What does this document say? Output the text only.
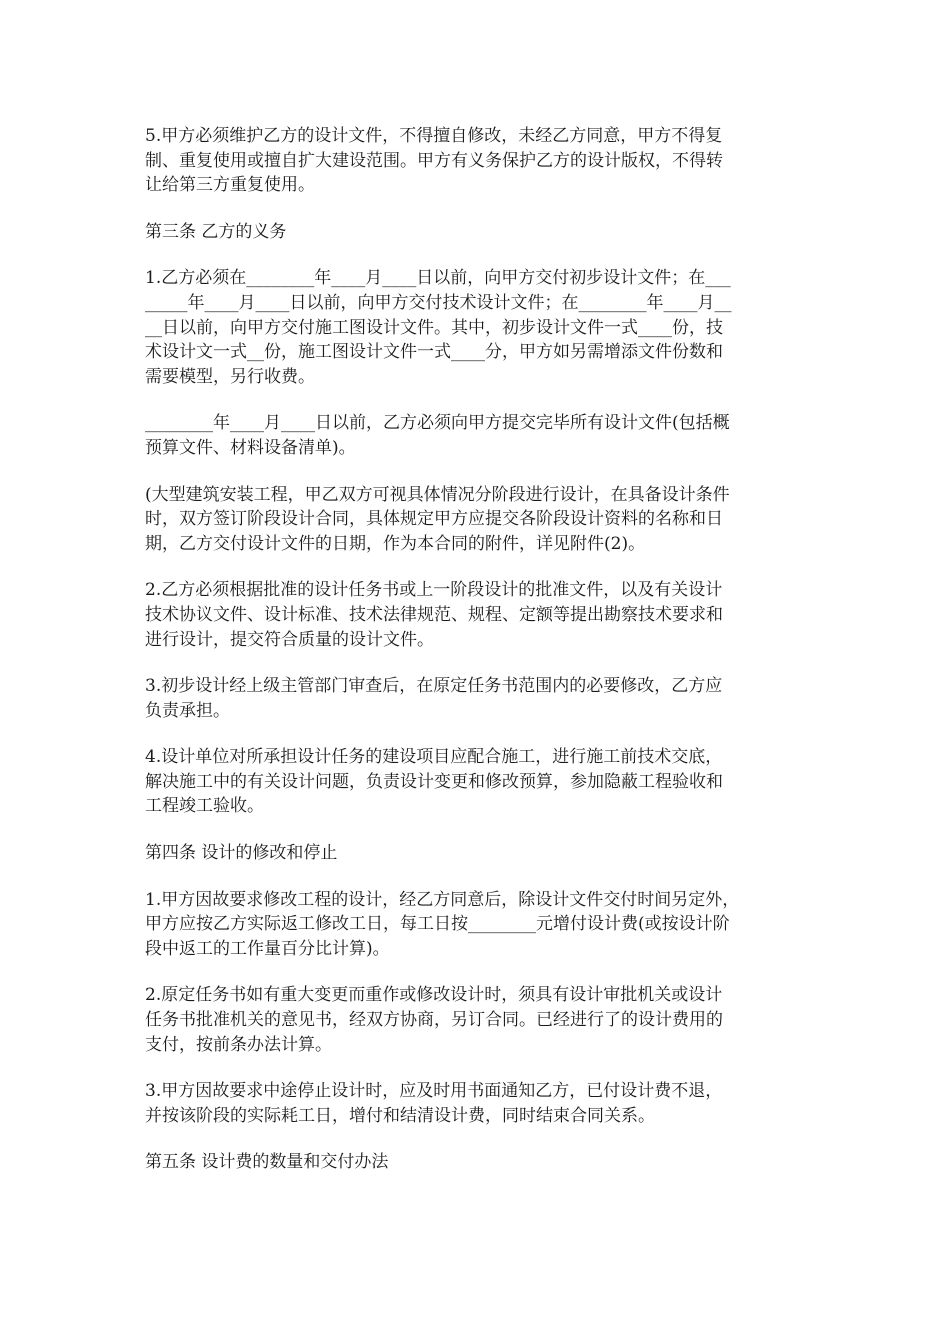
5.甲方必须维护乙方的设计文件，不得擅自修改，未经乙方同意，甲方不得复
制、重复使用或擅自扩大建设范围。甲方有义务保护乙方的设计版权，不得转
让给第三方重复使用。
第三条 乙方的义务
1.乙方必须在________年____月____日以前，向甲方交付初步设计文件；在___
_____年____月____日以前，向甲方交付技术设计文件；在________年____月__
__日以前，向甲方交付施工图设计文件。其中，初步设计文件一式____份，技
术设计文一式__份，施工图设计文件一式____分，甲方如另需增添文件份数和
需要模型，另行收费。
________年____月____日以前，乙方必须向甲方提交完毕所有设计文件(包括概
预算文件、材料设备清单)。
(大型建筑安装工程，甲乙双方可视具体情况分阶段进行设计，在具备设计条件
时，双方签订阶段设计合同，具体规定甲方应提交各阶段设计资料的名称和日
期，乙方交付设计文件的日期，作为本合同的附件，详见附件(2)。
2.乙方必须根据批准的设计任务书或上一阶段设计的批准文件，以及有关设计
技术协议文件、设计标准、技术法律规范、规程、定额等提出勘察技术要求和
进行设计，提交符合质量的设计文件。
3.初步设计经上级主管部门审查后，在原定任务书范围内的必要修改，乙方应
负责承担。
4.设计单位对所承担设计任务的建设项目应配合施工，进行施工前技术交底，
解决施工中的有关设计问题，负责设计变更和修改预算，参加隐蔽工程验收和
工程竣工验收。
第四条 设计的修改和停止
1.甲方因故要求修改工程的设计，经乙方同意后，除设计文件交付时间另定外，
甲方应按乙方实际返工修改工日，每工日按________元增付设计费(或按设计阶
段中返工的工作量百分比计算)。
2.原定任务书如有重大变更而重作或修改设计时，须具有设计审批机关或设计
任务书批准机关的意见书，经双方协商，另订合同。已经进行了的设计费用的
支付，按前条办法计算。
3.甲方因故要求中途停止设计时，应及时用书面通知乙方，已付设计费不退，
并按该阶段的实际耗工日，增付和结清设计费，同时结束合同关系。
第五条 设计费的数量和交付办法
